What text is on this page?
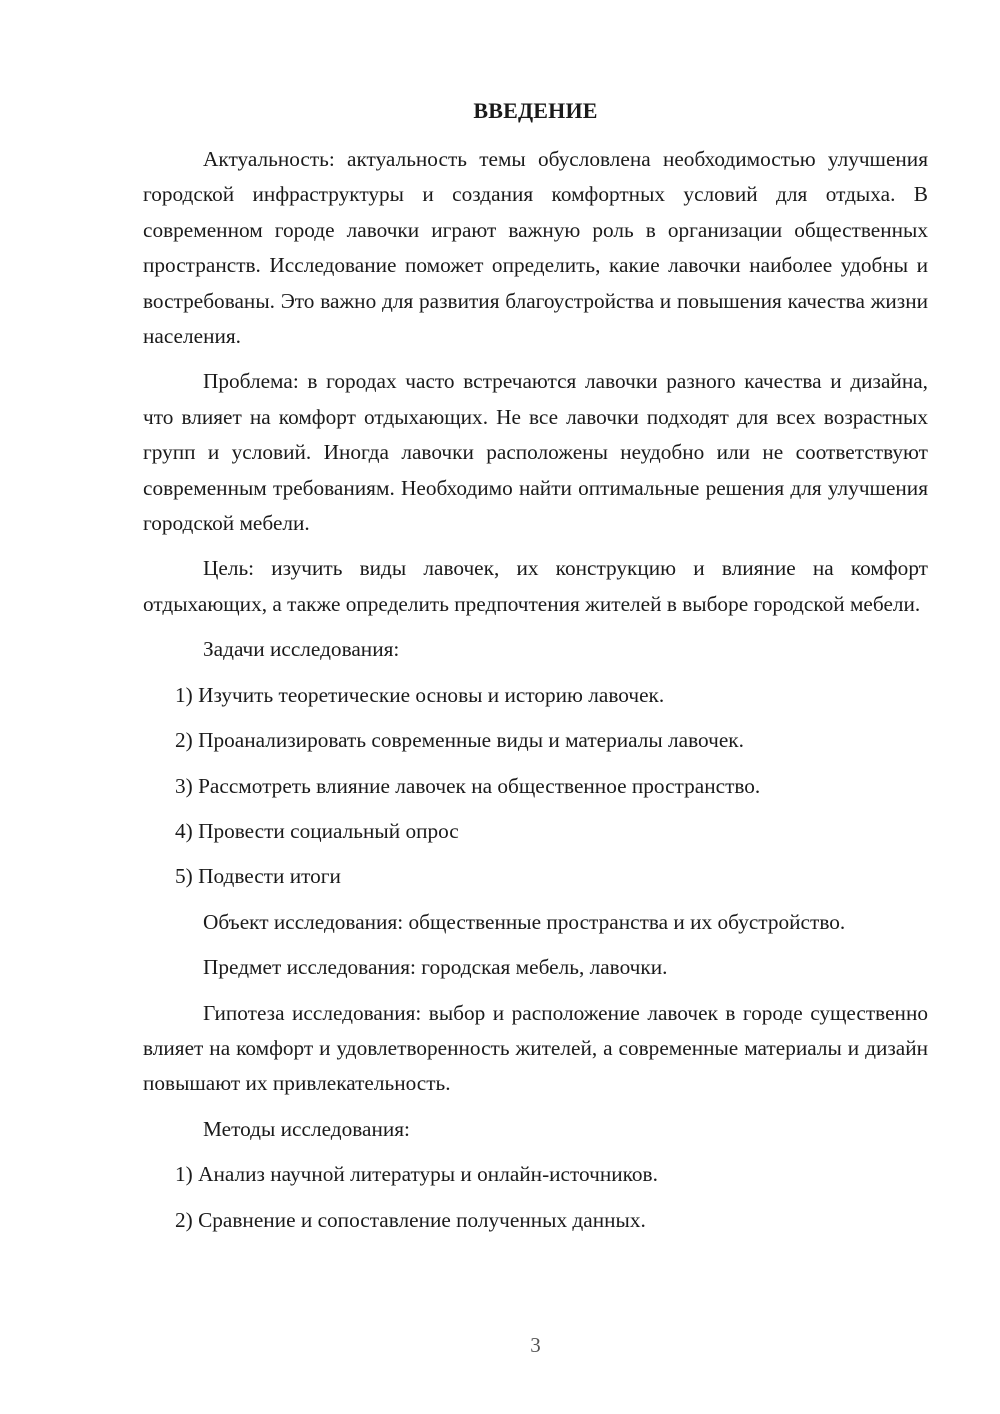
ВВЕДЕНИЕ

Актуальность: актуальность темы обусловлена необходимостью улучшения городской инфраструктуры и создания комфортных условий для отдыха. В современном городе лавочки играют важную роль в организации общественных пространств. Исследование поможет определить, какие лавочки наиболее удобны и востребованы. Это важно для развития благоустройства и повышения качества жизни населения.

Проблема: в городах часто встречаются лавочки разного качества и дизайна, что влияет на комфорт отдыхающих. Не все лавочки подходят для всех возрастных групп и условий. Иногда лавочки расположены неудобно или не соответствуют современным требованиям. Необходимо найти оптимальные решения для улучшения городской мебели.

Цель: изучить виды лавочек, их конструкцию и влияние на комфорт отдыхающих, а также определить предпочтения жителей в выборе городской мебели.

Задачи исследования:

1) Изучить теоретические основы и историю лавочек.

2) Проанализировать современные виды и материалы лавочек.

3) Рассмотреть влияние лавочек на общественное пространство.

4) Провести социальный опрос

5) Подвести итоги

Объект исследования: общественные пространства и их обустройство.

Предмет исследования: городская мебель, лавочки.

Гипотеза исследования: выбор и расположение лавочек в городе существенно влияет на комфорт и удовлетворенность жителей, а современные материалы и дизайн повышают их привлекательность.

Методы исследования:

1) Анализ научной литературы и онлайн-источников.

2) Сравнение и сопоставление полученных данных.

3
